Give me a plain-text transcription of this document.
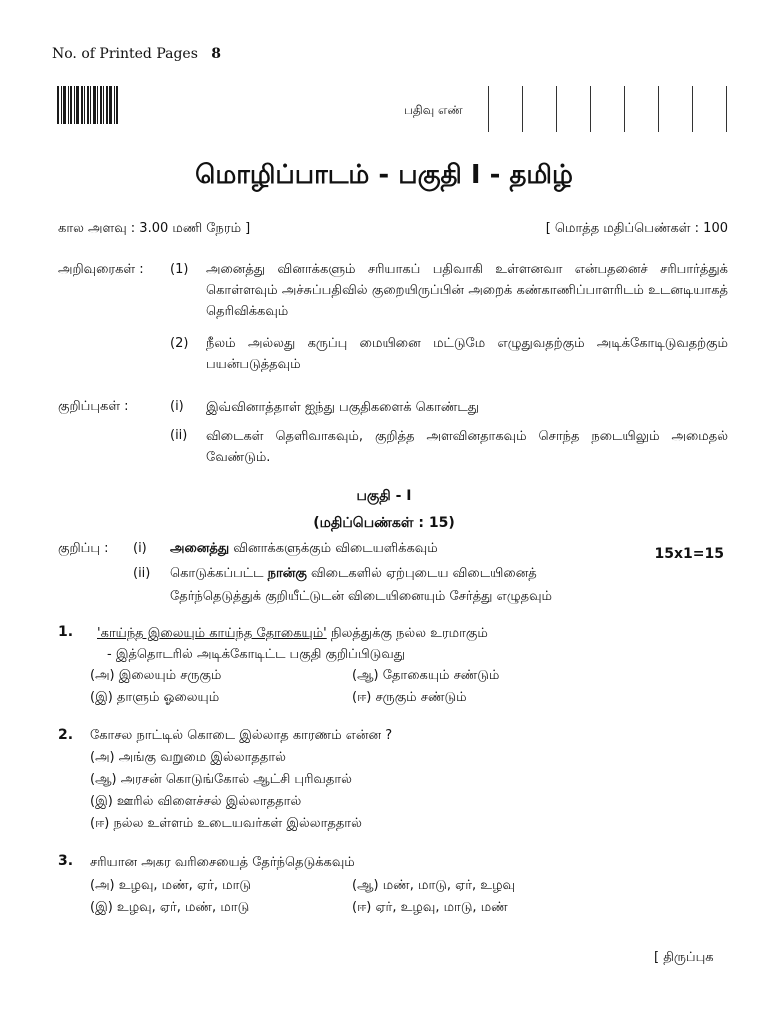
No. of Printed Pages 8
பதிவு எண்
மொழிப்பாடம் - பகுதி I - தமிழ்
கால அளவு : 3.00 மணி நேரம் ]	[ மொத்த மதிப்பெண்கள் : 100
அறிவுரைகள் : (1) அனைத்து வினாக்களும் சரியாகப் பதிவாகி உள்ளனவா என்பதனைச் சரிபார்த்துக் கொள்ளவும் அச்சுப்பதிவில் குறையிருப்பின் அறைக் கண்காணிப்பாளரிடம் உடனடியாகத் தெரிவிக்கவும்
(2) நீலம் அல்லது கருப்பு மையினை மட்டுமே எழுதுவதற்கும் அடிக்கோடிடுவதற்கும் பயன்படுத்தவும்
குறிப்புகள் :	(i) இவ்வினாத்தாள் ஐந்து பகுதிகளைக் கொண்டது
(ii) விடைகள் தெளிவாகவும், குறித்த அளவினதாகவும் சொந்த நடையிலும் அமைதல் வேண்டும்.
பகுதி - I
(மதிப்பெண்கள் : 15)
குறிப்பு : (i) அனைத்து வினாக்களுக்கும் விடையளிக்கவும்	15x1=15
(ii) கொடுக்கப்பட்ட நான்கு விடைகளில் ஏற்புடைய விடையினைத்
தேர்ந்தெடுத்துக் குறியீட்டுடன் விடையினையும் சேர்த்து எழுதவும்
1. 'காய்ந்த இலையும் காய்ந்த தோகையும்' நிலத்துக்கு நல்ல உரமாகும்
- இத்தொடரில் அடிக்கோடிட்ட பகுதி குறிப்பிடுவது
(அ) இலையும் சருகும்	(ஆ) தோகையும் சண்டும்
(இ) தாளும் ஓலையும்	(ஈ) சருகும் சண்டும்
2. கோசல நாட்டில் கொடை இல்லாத காரணம் என்ன ?
(அ) அங்கு வறுமை இல்லாததால்
(ஆ) அரசன் கொடுங்கோல் ஆட்சி புரிவதால்
(இ) ஊரில் விளைச்சல் இல்லாததால்
(ஈ) நல்ல உள்ளம் உடையவர்கள் இல்லாததால்
3. சரியான அகர வரிசையைத் தேர்ந்தெடுக்கவும்
(அ) உழவு, மண், ஏர், மாடு	(ஆ) மண், மாடு, ஏர், உழவு
(இ) உழவு, ஏர், மண், மாடு	(ஈ) ஏர், உழவு, மாடு, மண்
[ திருப்புக
